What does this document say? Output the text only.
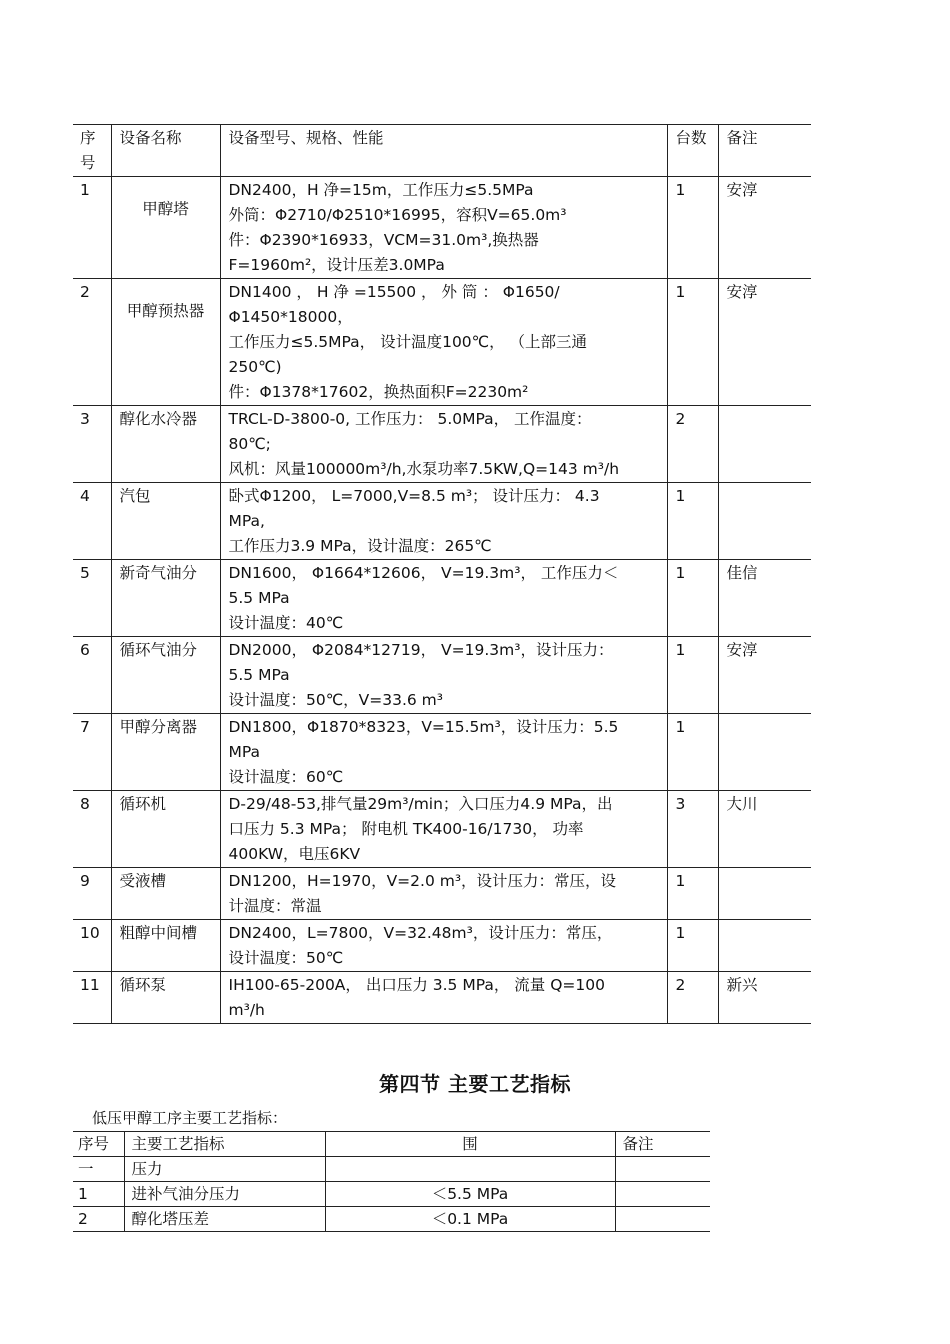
序号	设备名称	设备型号、规格、性能	台数	备注
1	甲醇塔	DN2400，H 净=15m，工作压力≤5.5MPa
外筒：Φ2710/Φ2510*16995，容积V=65.0m³
件：Φ2390*16933，VCM=31.0m³,换热器
F=1960m²，设计压差3.0MPa	1	安淳
2	甲醇预热器	DN1400 ， H 净 =15500 ， 外 筒 ： Φ1650/
Φ1450*18000，
工作压力≤5.5MPa， 设计温度100℃， （上部三通
250℃)
件：Φ1378*17602，换热面积F=2230m²	1	安淳
3	醇化水冷器	TRCL-D-3800-0, 工作压力： 5.0MPa， 工作温度：
80℃;
风机：风量100000m³/h,水泵功率7.5KW,Q=143 m³/h	2	
4	汽包	卧式Φ1200， L=7000,V=8.5 m³； 设计压力： 4.3
MPa,
工作压力3.9 MPa，设计温度：265℃	1	
5	新奇气油分	DN1600， Φ1664*12606， V=19.3m³， 工作压力＜
5.5 MPa
设计温度：40℃	1	佳信
6	循环气油分	DN2000， Φ2084*12719， V=19.3m³，设计压力：
5.5 MPa
设计温度：50℃，V=33.6 m³	1	安淳
7	甲醇分离器	DN1800，Φ1870*8323，V=15.5m³，设计压力：5.5
MPa
设计温度：60℃	1	
8	循环机	D-29/48-53,排气量29m³/min；入口压力4.9 MPa，出
口压力 5.3 MPa； 附电机 TK400-16/1730， 功率
400KW，电压6KV	3	大川
9	受液槽	DN1200，H=1970，V=2.0 m³，设计压力：常压，设
计温度：常温	1	
10	粗醇中间槽	DN2400，L=7800，V=32.48m³，设计压力：常压，
设计温度：50℃	1	
11	循环泵	IH100-65-200A， 出口压力 3.5 MPa， 流量 Q=100
m³/h	2	新兴
第四节 主要工艺指标
低压甲醇工序主要工艺指标：
序号	主要工艺指标	围	备注
一	压力		
1	进补气油分压力	＜5.5 MPa	
2	醇化塔压差	＜0.1 MPa	
